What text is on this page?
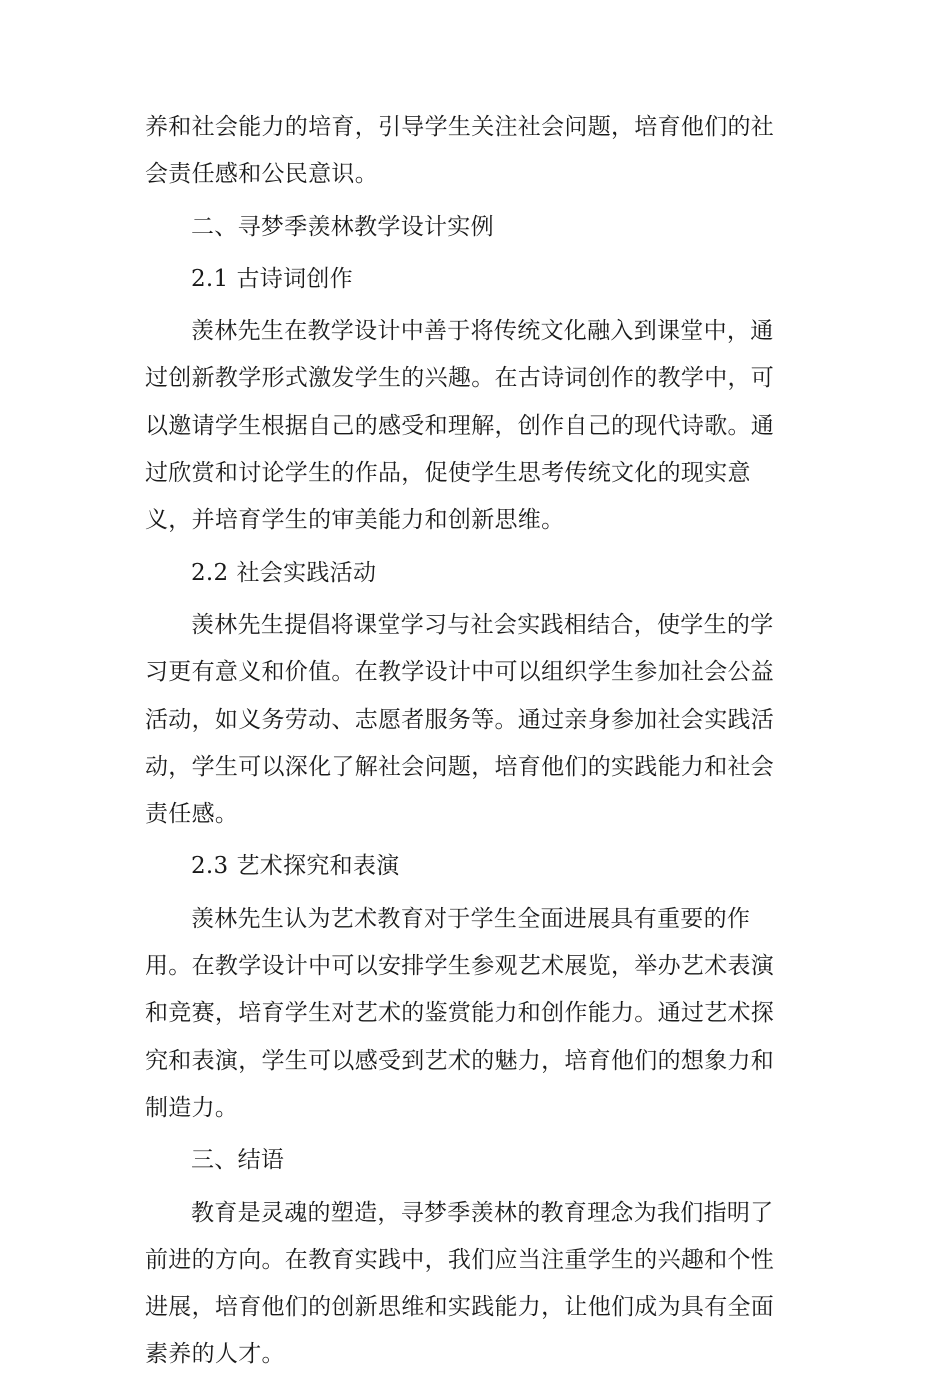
养和社会能力的培育，引导学生关注社会问题，培育他们的社会责任感和公民意识。

二、寻梦季羡林教学设计实例

2.1 古诗词创作

羡林先生在教学设计中善于将传统文化融入到课堂中，通过创新教学形式激发学生的兴趣。在古诗词创作的教学中，可以邀请学生根据自己的感受和理解，创作自己的现代诗歌。通过欣赏和讨论学生的作品，促使学生思考传统文化的现实意义，并培育学生的审美能力和创新思维。

2.2 社会实践活动

羡林先生提倡将课堂学习与社会实践相结合，使学生的学习更有意义和价值。在教学设计中可以组织学生参加社会公益活动，如义务劳动、志愿者服务等。通过亲身参加社会实践活动，学生可以深化了解社会问题，培育他们的实践能力和社会责任感。

2.3 艺术探究和表演

羡林先生认为艺术教育对于学生全面进展具有重要的作用。在教学设计中可以安排学生参观艺术展览，举办艺术表演和竞赛，培育学生对艺术的鉴赏能力和创作能力。通过艺术探究和表演，学生可以感受到艺术的魅力，培育他们的想象力和制造力。

三、结语

教育是灵魂的塑造，寻梦季羡林的教育理念为我们指明了前进的方向。在教育实践中，我们应当注重学生的兴趣和个性进展，培育他们的创新思维和实践能力，让他们成为具有全面素养的人才。
